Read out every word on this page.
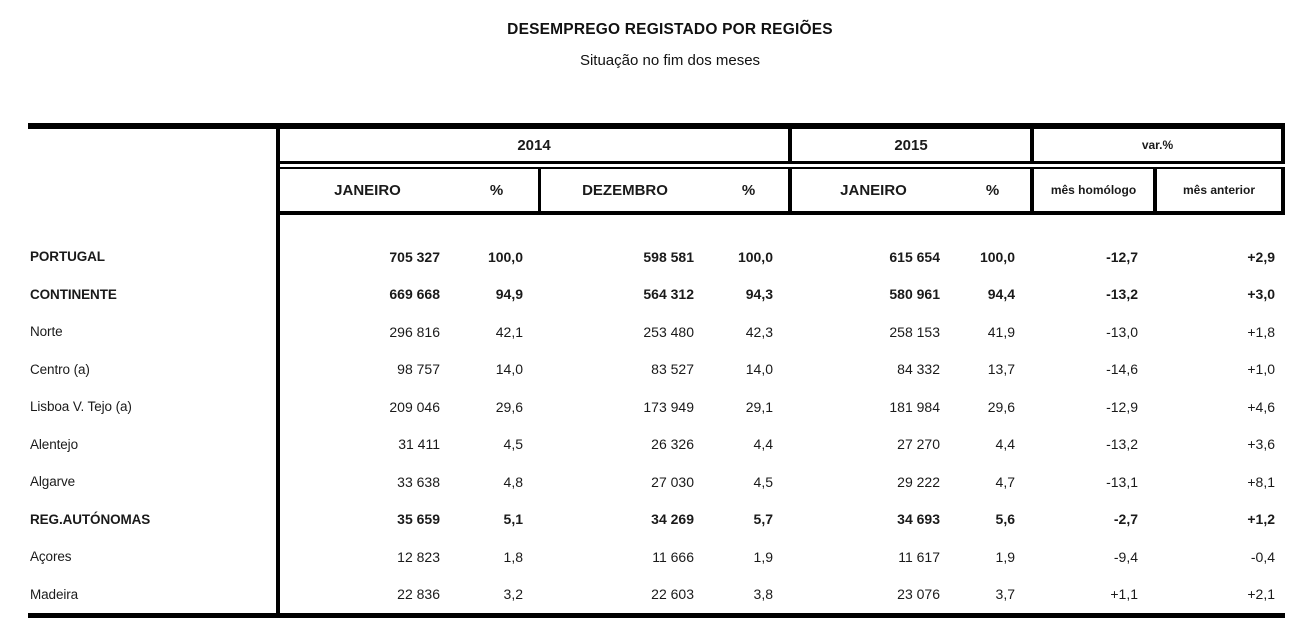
DESEMPREGO REGISTADO POR REGIÕES
Situação no fim dos meses
2014	2015	var.%
JANEIRO	%	DEZEMBRO	%	JANEIRO	%	mês homólogo	mês anterior
PORTUGAL	705 327	100,0	598 581	100,0	615 654	100,0	-12,7	+2,9
CONTINENTE	669 668	94,9	564 312	94,3	580 961	94,4	-13,2	+3,0
Norte	296 816	42,1	253 480	42,3	258 153	41,9	-13,0	+1,8
Centro (a)	98 757	14,0	83 527	14,0	84 332	13,7	-14,6	+1,0
Lisboa V. Tejo (a)	209 046	29,6	173 949	29,1	181 984	29,6	-12,9	+4,6
Alentejo	31 411	4,5	26 326	4,4	27 270	4,4	-13,2	+3,6
Algarve	33 638	4,8	27 030	4,5	29 222	4,7	-13,1	+8,1
REG.AUTÓNOMAS	35 659	5,1	34 269	5,7	34 693	5,6	-2,7	+1,2
Açores	12 823	1,8	11 666	1,9	11 617	1,9	-9,4	-0,4
Madeira	22 836	3,2	22 603	3,8	23 076	3,7	+1,1	+2,1
